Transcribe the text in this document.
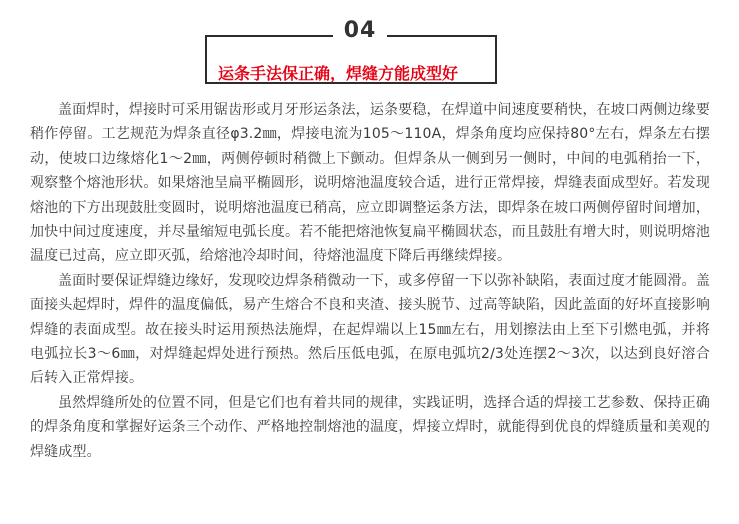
04
运条手法保正确，焊缝方能成型好

盖面焊时，焊接时可采用锯齿形或月牙形运条法，运条要稳，在焊道中间速度要稍快，在坡口两侧边缘要稍作停留。工艺规范为焊条直径φ3.2㎜，焊接电流为105～110A，焊条角度均应保持80°左右，焊条左右摆动，使坡口边缘熔化1～2㎜，两侧停顿时稍微上下颤动。但焊条从一侧到另一侧时，中间的电弧稍抬一下，观察整个熔池形状。如果熔池呈扁平椭圆形，说明熔池温度较合适，进行正常焊接，焊缝表面成型好。若发现熔池的下方出现鼓肚变圆时，说明熔池温度已稍高，应立即调整运条方法，即焊条在坡口两侧停留时间增加，加快中间过度速度，并尽量缩短电弧长度。若不能把熔池恢复扁平椭圆状态，而且鼓肚有增大时，则说明熔池温度已过高，应立即灭弧，给熔池冷却时间，待熔池温度下降后再继续焊接。

盖面时要保证焊缝边缘好，发现咬边焊条稍微动一下，或多停留一下以弥补缺陷，表面过度才能圆滑。盖面接头起焊时，焊件的温度偏低，易产生熔合不良和夹渣、接头脱节、过高等缺陷，因此盖面的好坏直接影响焊缝的表面成型。故在接头时运用预热法施焊，在起焊端以上15㎜左右，用划擦法由上至下引燃电弧，并将电弧拉长3～6㎜，对焊缝起焊处进行预热。然后压低电弧，在原电弧坑2/3处连摆2～3次，以达到良好溶合后转入正常焊接。

虽然焊缝所处的位置不同，但是它们也有着共同的规律，实践证明，选择合适的焊接工艺参数、保持正确的焊条角度和掌握好运条三个动作、严格地控制熔池的温度，焊接立焊时，就能得到优良的焊缝质量和美观的焊缝成型。
